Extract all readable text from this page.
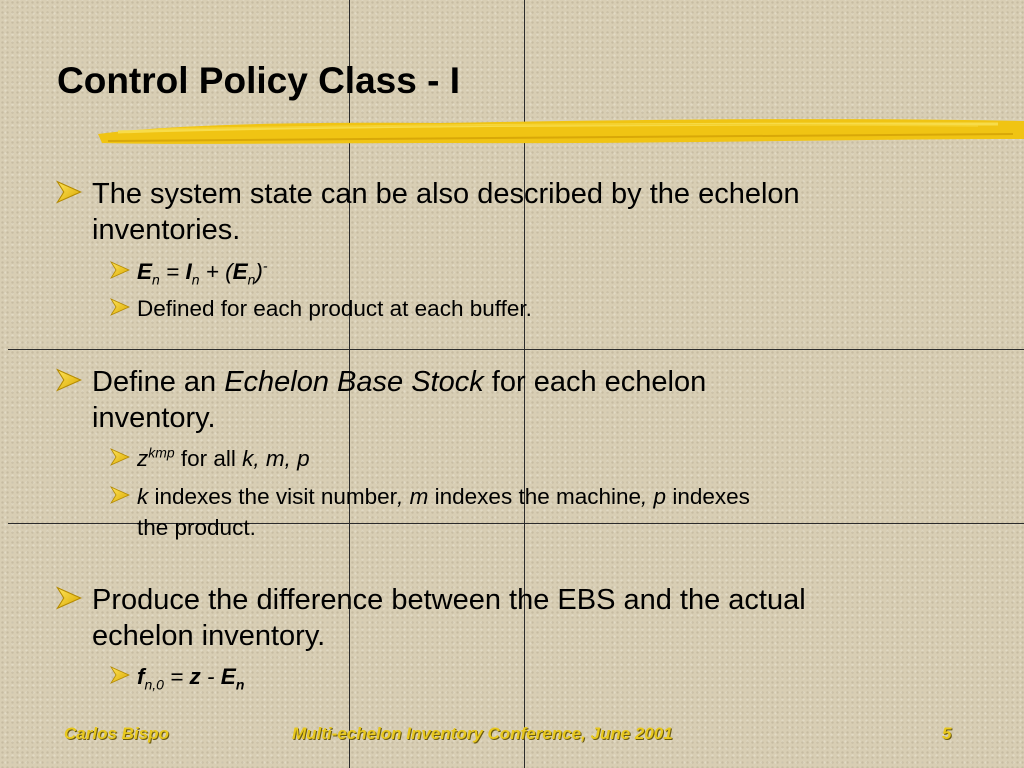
Control Policy Class - I
The system state can be also described by the echelon
inventories.
$E_n = I_n + (E_n)^-$
Defined for each product at each buffer.
Define an Echelon Base Stock for each echelon
inventory.
$z^{kmp}$ for all k, m, p
k indexes the visit number, m indexes the machine, p indexes
the product.
Produce the difference between the EBS and the actual
echelon inventory.
$f_{n,0} = z - E_n$
Carlos Bispo	Multi-echelon Inventory Conference, June 2001	5
